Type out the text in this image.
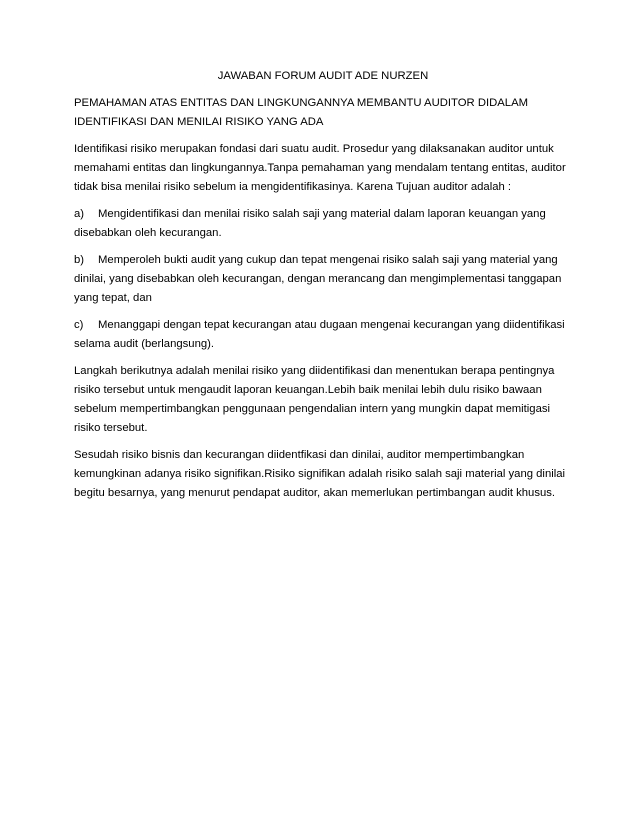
JAWABAN FORUM AUDIT ADE NURZEN

PEMAHAMAN ATAS ENTITAS DAN LINGKUNGANNYA MEMBANTU AUDITOR DIDALAM IDENTIFIKASI DAN MENILAI RISIKO YANG ADA

Identifikasi risiko merupakan fondasi dari suatu audit. Prosedur yang dilaksanakan auditor untuk memahami entitas dan lingkungannya.Tanpa pemahaman yang mendalam tentang entitas, auditor tidak bisa menilai risiko sebelum ia mengidentifikasinya. Karena Tujuan auditor adalah :

a) Mengidentifikasi dan menilai risiko salah saji yang material dalam laporan keuangan yang disebabkan oleh kecurangan.

b) Memperoleh bukti audit yang cukup dan tepat mengenai risiko salah saji yang material yang dinilai, yang disebabkan oleh kecurangan, dengan merancang dan mengimplementasi tanggapan yang tepat, dan

c) Menanggapi dengan tepat kecurangan atau dugaan mengenai kecurangan yang diidentifikasi selama audit (berlangsung).

Langkah berikutnya adalah menilai risiko yang diidentifikasi dan menentukan berapa pentingnya risiko tersebut untuk mengaudit laporan keuangan.Lebih baik menilai lebih dulu risiko bawaan sebelum mempertimbangkan penggunaan pengendalian intern yang mungkin dapat memitigasi risiko tersebut.

Sesudah risiko bisnis dan kecurangan diidentfikasi dan dinilai, auditor mempertimbangkan kemungkinan adanya risiko signifikan.Risiko signifikan adalah risiko salah saji material yang dinilai begitu besarnya, yang menurut pendapat auditor, akan memerlukan pertimbangan audit khusus.
